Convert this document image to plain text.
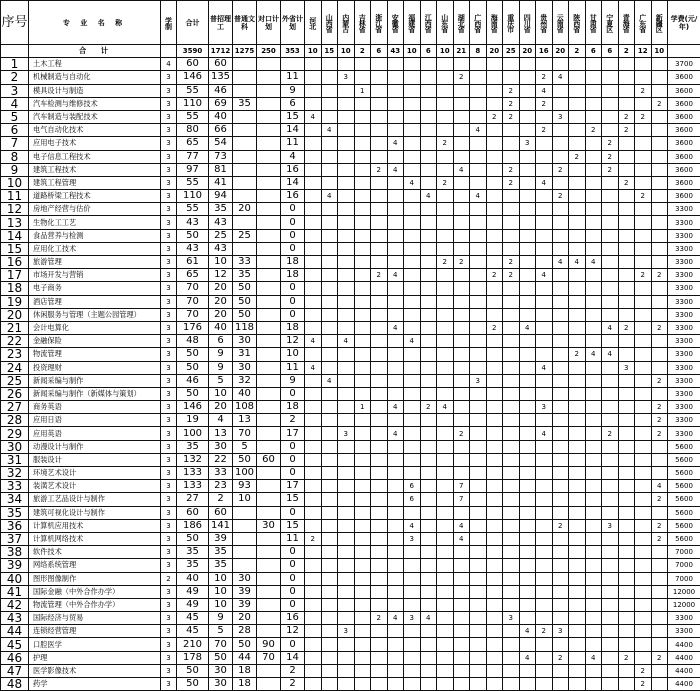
序号	专 业 名 称	学制	合计	普招理工	普通文科	对口计划	外省计划	河北	山西省	内蒙古	吉林省	浙江省	安徽省	福建省	江西省	山东省	湖北省	广西省	海南省	重庆市	四川省	贵州省	云南省	陕西省	甘肃省	宁夏区	青海省	广东省	新疆区	学费(元/年)
	合 计		3590	1712	1275	250	353	10	15	10	2	6	43	10	6	10	21	8	20	25	20	16	20	2	6	6	2	12	10	
1	土木工程	4	60	60																										3700
2	机械制造与自动化	3	146	135			11			3							2					2	4							3600
3	模具设计与制造	3	55	46			9				1									2		4						2		3600
4	汽车检测与维修技术	3	110	69	35		6													2		2							2	3600
5	汽车制造与装配技术	3	55	40			15	4											2	2			3				2	2		3600
6	电气自动化技术	3	80	66			14		4									4				2			2		2			3600
7	应用电子技术	3	65	54			11						4			2					3					2				3600
8	电子信息工程技术	3	77	73			4																	2		2				3600
9	建筑工程技术	3	97	81			16					2	4				4			2			2			2				3600
10	建筑工程管理	3	55	41			14							4		2				2		4					2			3600
11	道路桥梁工程技术	3	110	94			16		4						4			4					2					2		3600
12	房地产经营与估价	3	55	35	20		0																							3300
13	生物化工工艺	3	43	43			0																							3300
14	食品营养与检测	3	50	25	25		0																							3300
15	应用化工技术	3	43	43			0																							3300
16	旅游管理	3	61	10	33		18									2	2			2			4	4	4					3300
17	市场开发与营销	3	65	12	35		18					2	4						2	2		4						2	2	3300
18	电子商务	3	70	20	50		0																							3300
19	酒店管理	3	70	20	50		0																							3300
20	休闲服务与管理（主题公园管理）	3	70	20	50		0																							3300
21	会计电算化	3	176	40	118		18						4						2		4					4	2		2	3300
22	金融保险	3	48	6	30		12	4		4				4																3300
23	物流管理	3	50	9	31		10																	2	4	4				3300
24	投资理财	3	50	9	30		11	4														4					3			3300
25	新闻采编与制作	3	46	5	32		9		4									3											2	3300
26	新闻采编与制作（新媒体与策划）	3	50	10	40		0																							3300
27	商务英语	3	146	20	108		18				1		4		2	4						3							2	3300
28	应用日语	3	19	4	13		2																						2	3300
29	应用英语	3	100	13	70		17			3			4				2					4				2			2	3300
30	动漫设计与制作	3	35	30	5		0																							5600
31	服装设计	3	132	22	50	60	0																							5600
32	环境艺术设计	3	133	33	100		0																							5600
33	装潢艺术设计	3	133	23	93		17							6			7												4	5600
34	旅游工艺品设计与制作	3	27	2	10		15							6			7												2	5600
35	建筑可视化设计与制作	3	60	60			0																							5600
36	计算机应用技术	3	186	141		30	15							4			4						2			3			2	5600
37	计算机网络技术	3	50	39			11	2						3			4												2	5600
38	软件技术	3	35	35			0																							7000
39	网络系统管理	3	35	35			0																							7000
40	图形图像制作	2	40	10	30		0																							7000
41	国际金融（中外合作办学）	3	49	10	39		0																							12000
42	物流管理（中外合作办学）	3	49	10	39		0																							12000
43	国际经济与贸易	3	45	9	20		16					2	4	3	4					3										3300
44	连锁经营管理	3	45	5	28		12			3											4	2	3							3300
45	口腔医学	3	210	70	50	90	0																							4400
46	护理	3	178	50	44	70	14														4		2		4		2		2	4400
47	医学影像技术	3	50	30	18		2																					2		4400
48	药学	3	50	30	18		2																					2		4400
